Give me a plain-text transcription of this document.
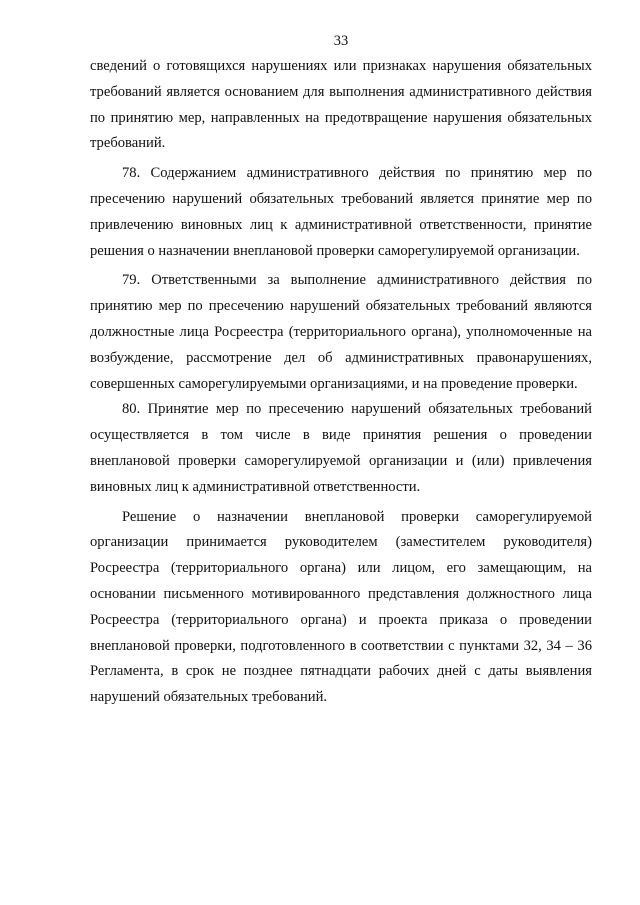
33

сведений о готовящихся нарушениях или признаках нарушения обязательных требований является основанием для выполнения административного действия по принятию мер, направленных на предотвращение нарушения обязательных требований.

78. Содержанием административного действия по принятию мер по пресечению нарушений обязательных требований является принятие мер по привлечению виновных лиц к административной ответственности, принятие решения о назначении внеплановой проверки саморегулируемой организации.

79. Ответственными за выполнение административного действия по принятию мер по пресечению нарушений обязательных требований являются должностные лица Росреестра (территориального органа), уполномоченные на возбуждение, рассмотрение дел об административных правонарушениях, совершенных саморегулируемыми организациями, и на проведение проверки.

80. Принятие мер по пресечению нарушений обязательных требований осуществляется в том числе в виде принятия решения о проведении внеплановой проверки саморегулируемой организации и (или) привлечения виновных лиц к административной ответственности.

Решение о назначении внеплановой проверки саморегулируемой организации принимается руководителем (заместителем руководителя) Росреестра (территориального органа) или лицом, его замещающим, на основании письменного мотивированного представления должностного лица Росреестра (территориального органа) и проекта приказа о проведении внеплановой проверки, подготовленного в соответствии с пунктами 32, 34 – 36 Регламента, в срок не позднее пятнадцати рабочих дней с даты выявления нарушений обязательных требований.
